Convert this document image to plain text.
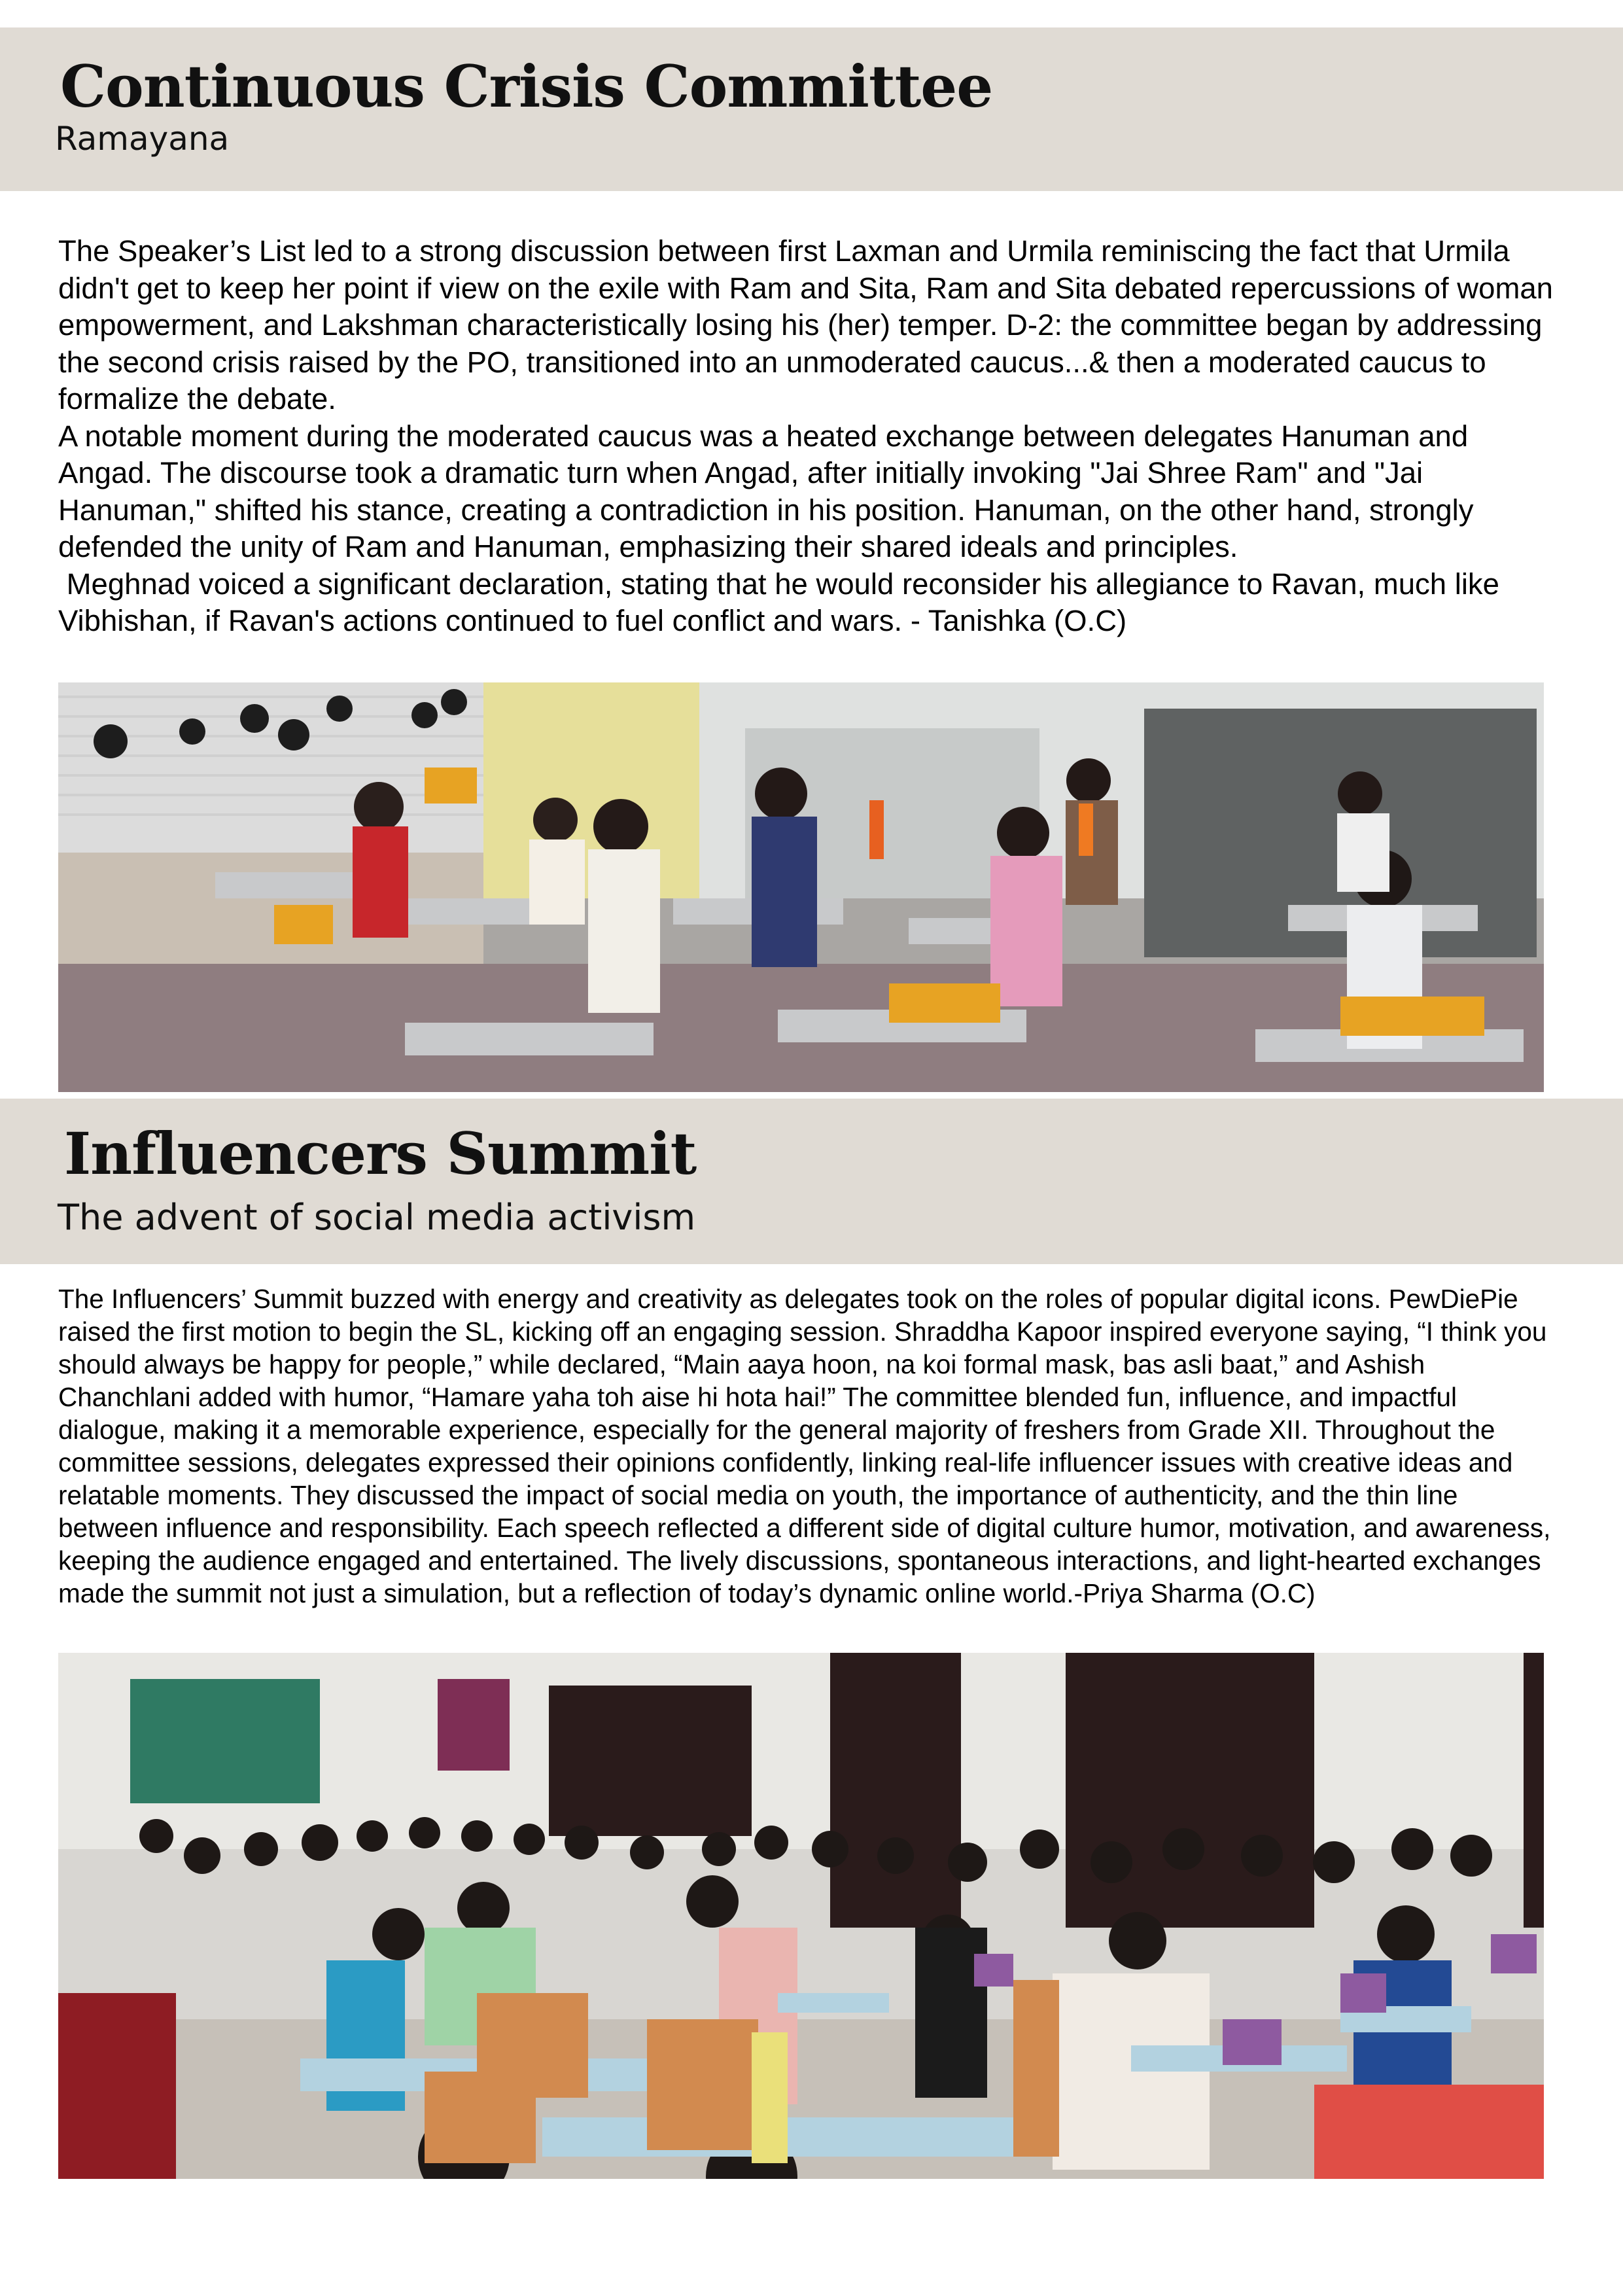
Continuous Crisis Committee
Ramayana

The Speaker’s List led to a strong discussion between first Laxman and Urmila reminiscing the fact that Urmila didn't get to keep her point if view on the exile with Ram and Sita, Ram and Sita debated repercussions of woman empowerment, and Lakshman characteristically losing his (her) temper. D-2: the committee began by addressing the second crisis raised by the PO, transitioned into an unmoderated caucus...& then a moderated caucus to formalize the debate.

A notable moment during the moderated caucus was a heated exchange between delegates Hanuman and Angad. The discourse took a dramatic turn when Angad, after initially invoking "Jai Shree Ram" and "Jai Hanuman," shifted his stance, creating a contradiction in his position. Hanuman, on the other hand, strongly defended the unity of Ram and Hanuman, emphasizing their shared ideals and principles.

Meghnad voiced a significant declaration, stating that he would reconsider his allegiance to Ravan, much like Vibhishan, if Ravan's actions continued to fuel conflict and wars. - Tanishka (O.C)

Influencers Summit
The advent of social media activism

The Influencers’ Summit buzzed with energy and creativity as delegates took on the roles of popular digital icons. PewDiePie raised the first motion to begin the SL, kicking off an engaging session. Shraddha Kapoor inspired everyone saying, “I think you should always be happy for people,” while declared, “Main aaya hoon, na koi formal mask, bas asli baat,” and Ashish Chanchlani added with humor, “Hamare yaha toh aise hi hota hai!” The committee blended fun, influence, and impactful dialogue, making it a memorable experience, especially for the general majority of freshers from Grade XII. Throughout the committee sessions, delegates expressed their opinions confidently, linking real-life influencer issues with creative ideas and relatable moments. They discussed the impact of social media on youth, the importance of authenticity, and the thin line between influence and responsibility. Each speech reflected a different side of digital culture humor, motivation, and awareness, keeping the audience engaged and entertained. The lively discussions, spontaneous interactions, and light-hearted exchanges made the summit not just a simulation, but a reflection of today’s dynamic online world.-Priya Sharma (O.C)
